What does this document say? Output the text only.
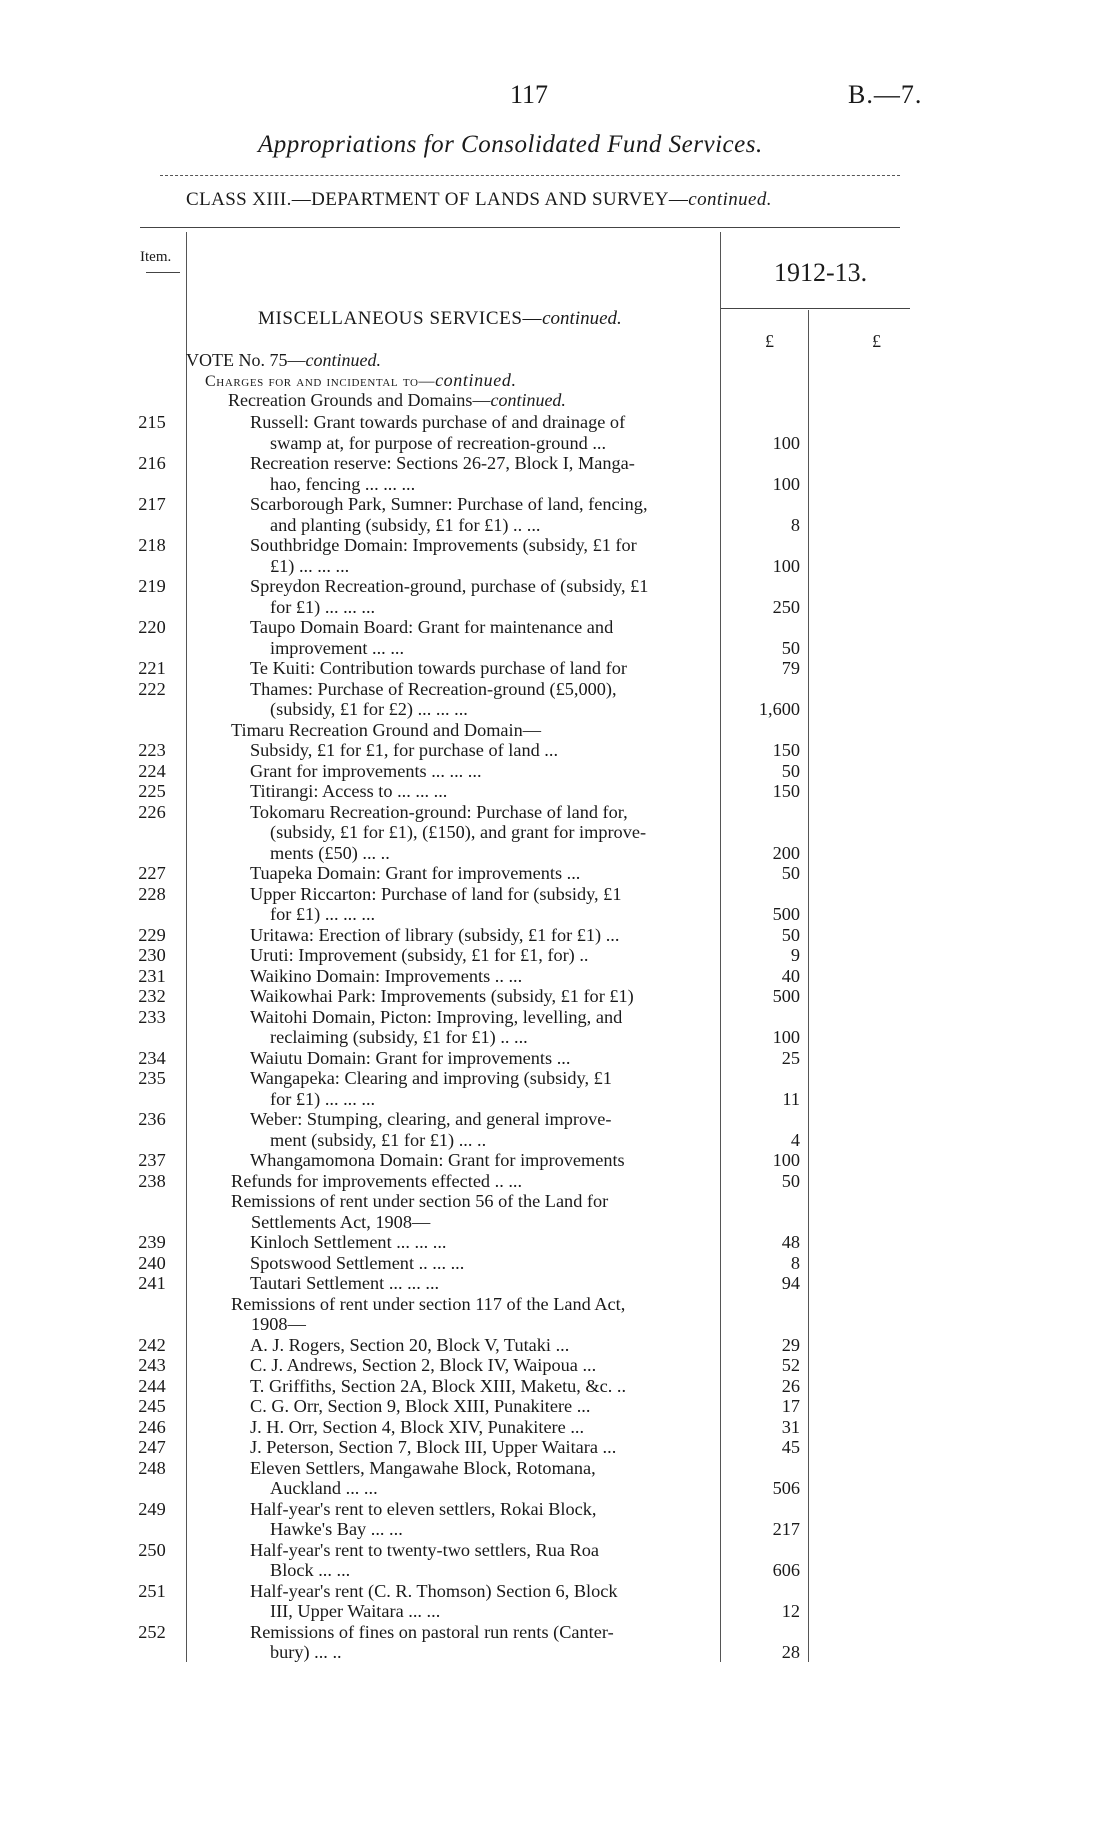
117	B.—7.
Appropriations for Consolidated Fund Services.
CLASS XIII.—DEPARTMENT OF LANDS AND SURVEY—continued.
Item.
1912-13.
£	£
MISCELLANEOUS SERVICES—continued.
VOTE No. 75—continued.
Charges for and incidental to—continued.
Recreation Grounds and Domains—continued.
215	Russell: Grant towards purchase of and drainage of
swamp at, for purpose of recreation-ground ...	100
216	Recreation reserve: Sections 26-27, Block I, Manga-
hao, fencing ... ... ...	100
217	Scarborough Park, Sumner: Purchase of land, fencing,
and planting (subsidy, £1 for £1) .. ...	8
218	Southbridge Domain: Improvements (subsidy, £1 for
£1) ... ... ...	100
219	Spreydon Recreation-ground, purchase of (subsidy, £1
for £1) ... ... ...	250
220	Taupo Domain Board: Grant for maintenance and
improvement ... ...	50
221	Te Kuiti: Contribution towards purchase of land for	79
222	Thames: Purchase of Recreation-ground (£5,000),
(subsidy, £1 for £2) ... ... ...	1,600
Timaru Recreation Ground and Domain—
223	Subsidy, £1 for £1, for purchase of land ...	150
224	Grant for improvements ... ... ...	50
225	Titirangi: Access to ... ... ...	150
226	Tokomaru Recreation-ground: Purchase of land for,
(subsidy, £1 for £1), (£150), and grant for improve-
ments (£50) ... ..	200
227	Tuapeka Domain: Grant for improvements ...	50
228	Upper Riccarton: Purchase of land for (subsidy, £1
for £1) ... ... ...	500
229	Uritawa: Erection of library (subsidy, £1 for £1) ...	50
230	Uruti: Improvement (subsidy, £1 for £1, for) ..	9
231	Waikino Domain: Improvements .. ...	40
232	Waikowhai Park: Improvements (subsidy, £1 for £1)	500
233	Waitohi Domain, Picton: Improving, levelling, and
reclaiming (subsidy, £1 for £1) .. ...	100
234	Waiutu Domain: Grant for improvements ...	25
235	Wangapeka: Clearing and improving (subsidy, £1
for £1) ... ... ...	11
236	Weber: Stumping, clearing, and general improve-
ment (subsidy, £1 for £1) ... ..	4
237	Whangamomona Domain: Grant for improvements	100
238	Refunds for improvements effected .. ...	50
Remissions of rent under section 56 of the Land for
Settlements Act, 1908—
239	Kinloch Settlement ... ... ...	48
240	Spotswood Settlement .. ... ...	8
241	Tautari Settlement ... ... ...	94
Remissions of rent under section 117 of the Land Act,
1908—
242	A. J. Rogers, Section 20, Block V, Tutaki ...	29
243	C. J. Andrews, Section 2, Block IV, Waipoua ...	52
244	T. Griffiths, Section 2A, Block XIII, Maketu, &c. ..	26
245	C. G. Orr, Section 9, Block XIII, Punakitere ...	17
246	J. H. Orr, Section 4, Block XIV, Punakitere ...	31
247	J. Peterson, Section 7, Block III, Upper Waitara ...	45
248	Eleven Settlers, Mangawahe Block, Rotomana,
Auckland ... ...	506
249	Half-year's rent to eleven settlers, Rokai Block,
Hawke's Bay ... ...	217
250	Half-year's rent to twenty-two settlers, Rua Roa
Block ... ...	606
251	Half-year's rent (C. R. Thomson) Section 6, Block
III, Upper Waitara ... ...	12
252	Remissions of fines on pastoral run rents (Canter-
bury) ... ..	28
